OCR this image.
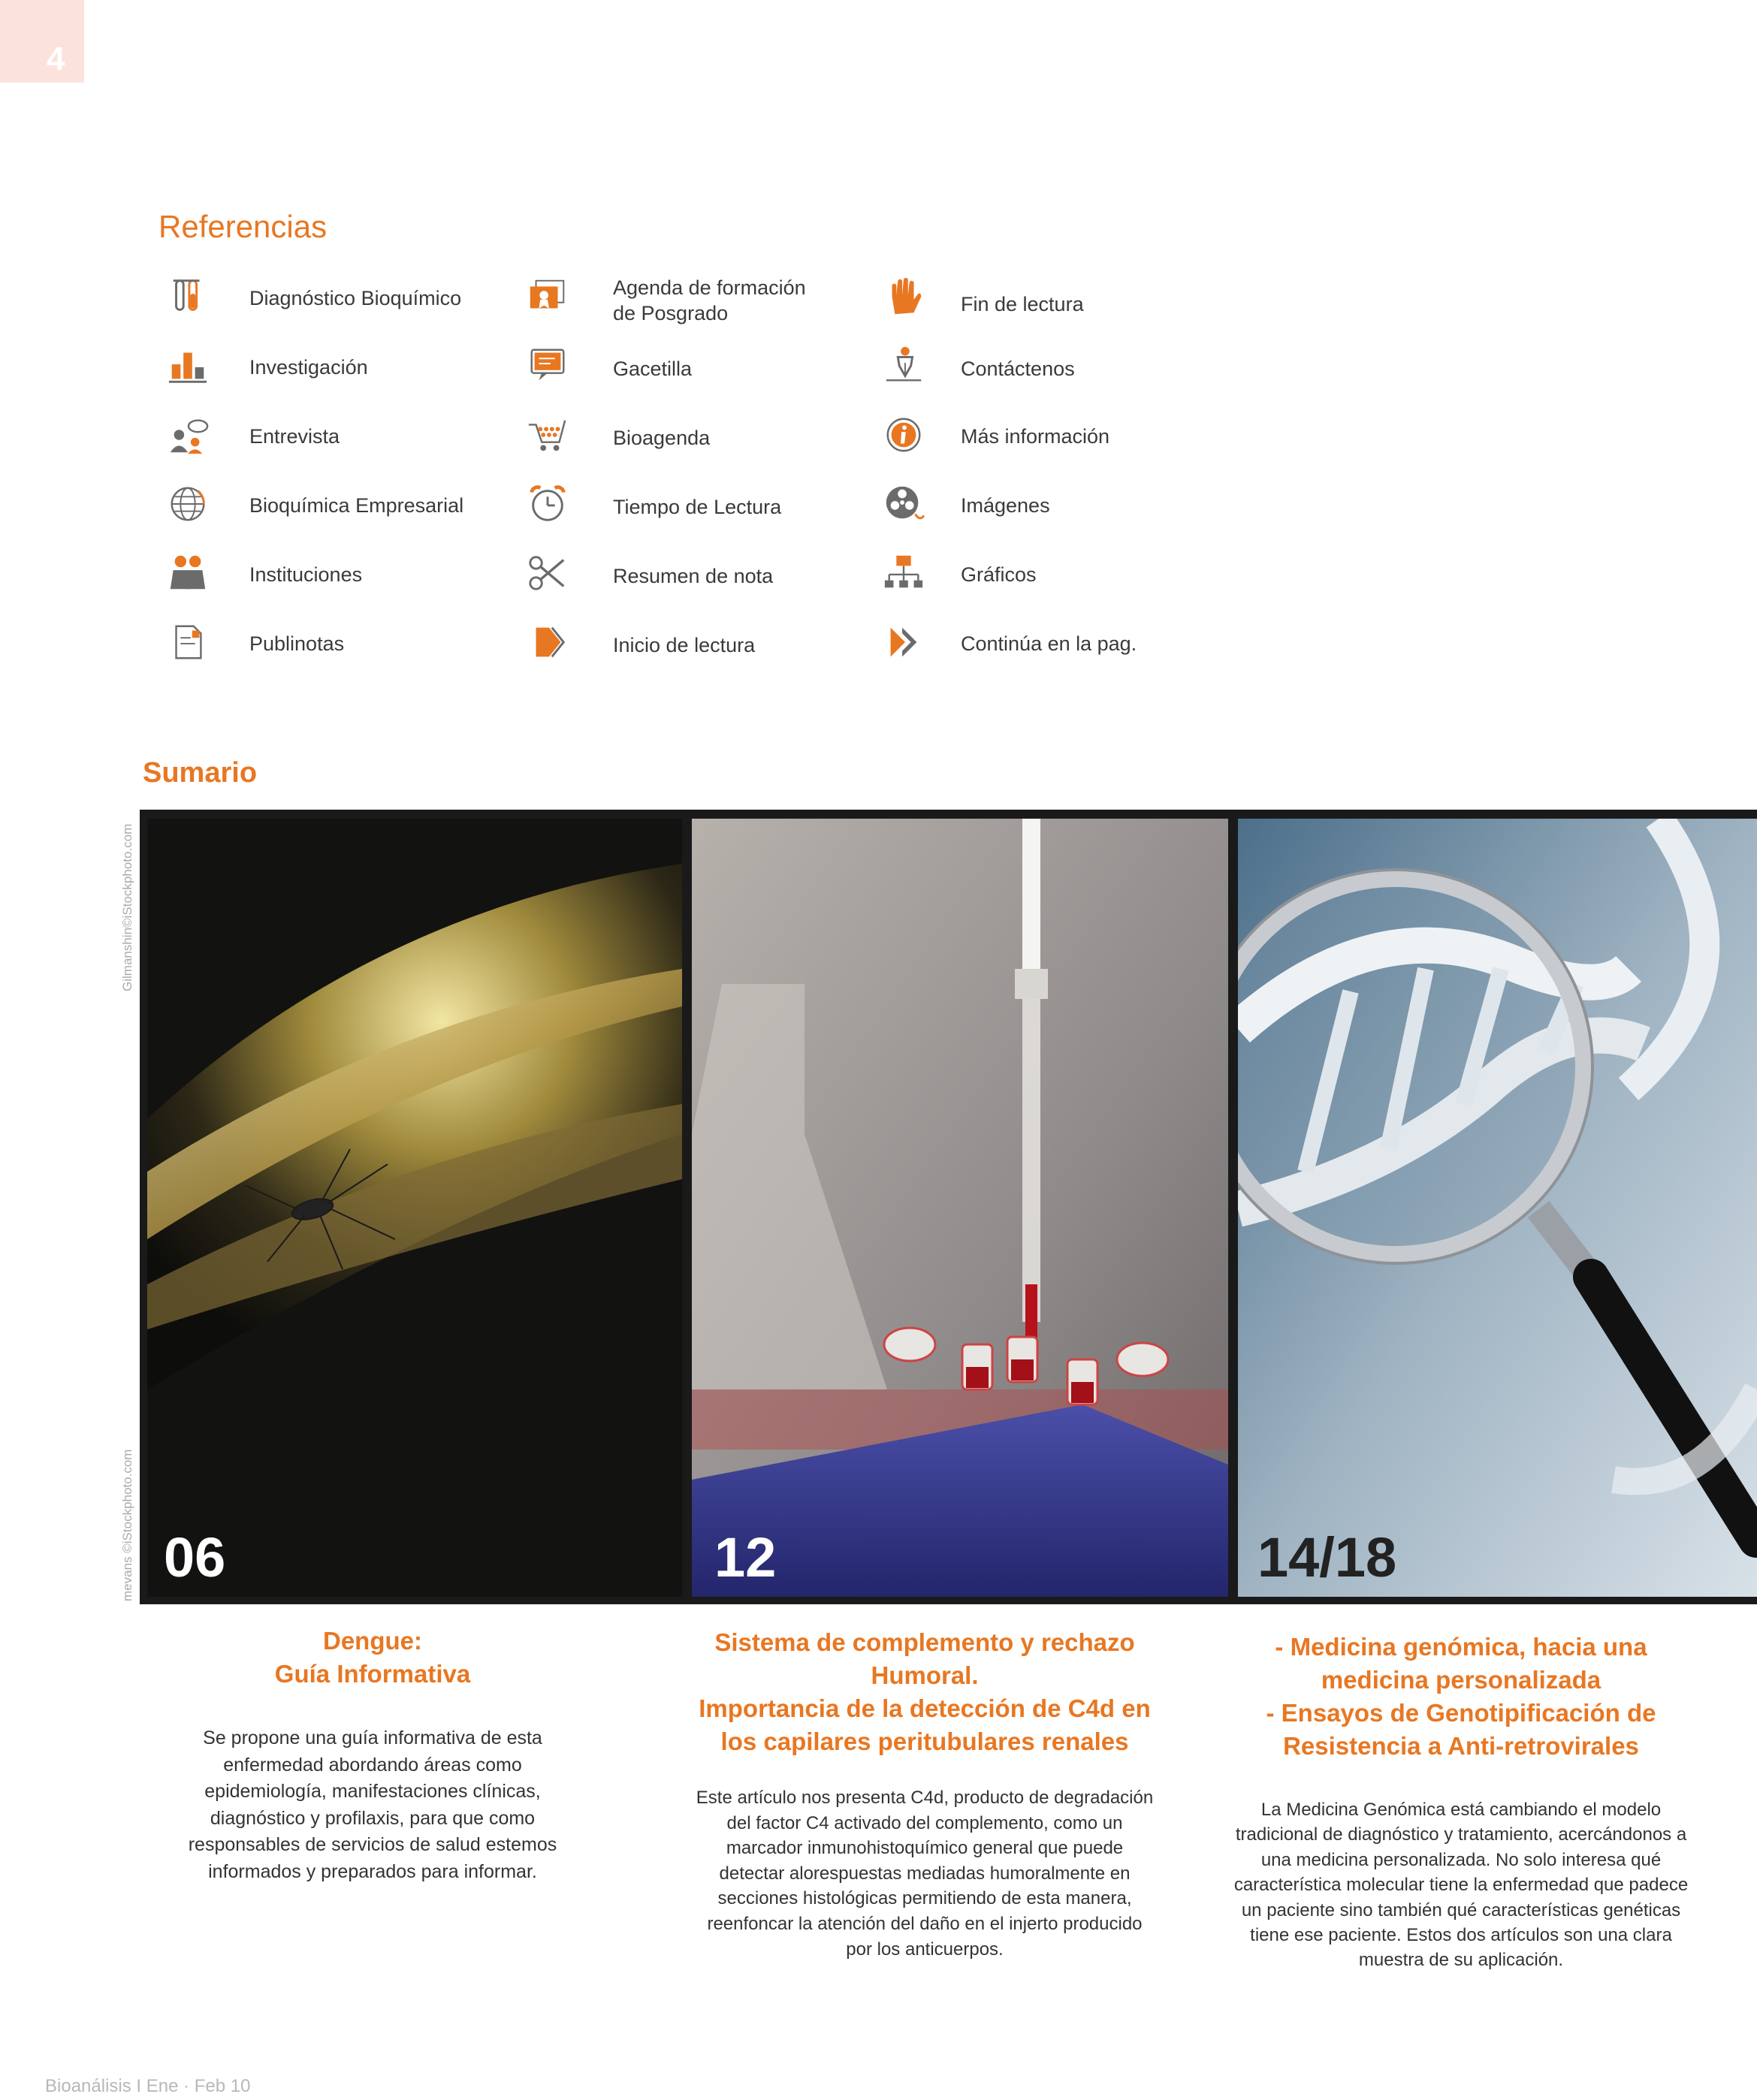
4
Referencias
Diagnóstico Bioquímico
Investigación
Entrevista
Bioquímica Empresarial
Instituciones
Publinotas
Agenda de formación
de Posgrado
Gacetilla
Bioagenda
Tiempo de Lectura
Resumen de nota
Inicio de lectura
Fin de lectura
Contáctenos
Más información
Imágenes
Gráficos
Continúa en la pag.
Sumario
Gilmanshin©iStockphoto.com
mevans ©iStockphoto.com 06	12	14/18
Dengue:
Guía Informativa
Se propone una guía informativa de esta enfermedad abordando áreas como epidemiología, manifestaciones clínicas, diagnóstico y profilaxis, para que como responsables de servicios de salud estemos informados y preparados para informar.
Sistema de complemento y rechazo
Humoral.
Importancia de la detección de C4d en
los capilares peritubulares renales
Este artículo nos presenta C4d, producto de degradación del factor C4 activado del complemento, como un marcador inmunohistoquímico general que puede detectar alorespuestas mediadas humoralmente en secciones histológicas permitiendo de esta manera, reenfoncar la atención del daño en el injerto producido por los anticuerpos.
- Medicina genómica, hacia una
medicina personalizada
- Ensayos de Genotipificación de
Resistencia a Anti-retrovirales
La Medicina Genómica está cambiando el modelo tradicional de diagnóstico y tratamiento, acercándonos a una medicina personalizada. No solo interesa qué característica molecular tiene la enfermedad que padece un paciente sino también qué características genéticas tiene ese paciente. Estos dos artículos son una clara muestra de su aplicación.
Bioanálisis I Ene · Feb 10
